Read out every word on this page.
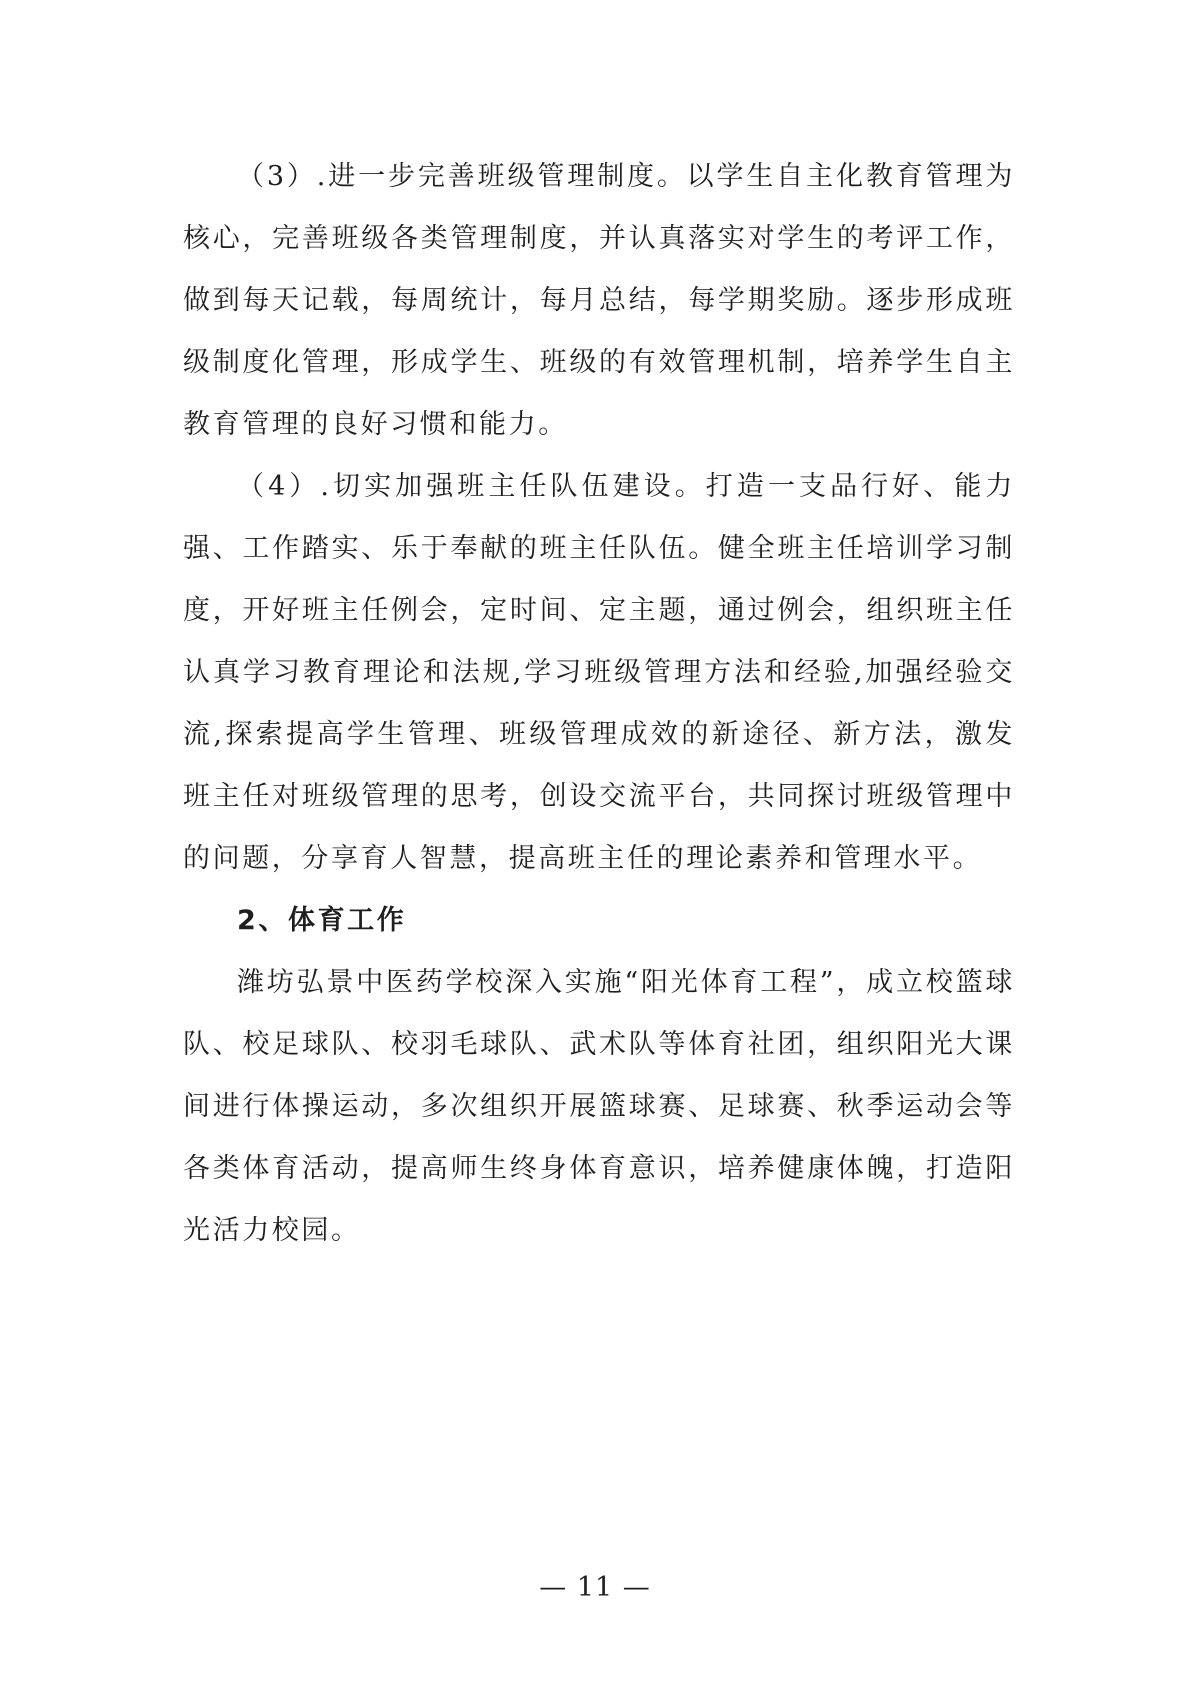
（3）.进一步完善班级管理制度。以学生自主化教育管理为核心，完善班级各类管理制度，并认真落实对学生的考评工作，做到每天记载，每周统计，每月总结，每学期奖励。逐步形成班级制度化管理，形成学生、班级的有效管理机制，培养学生自主教育管理的良好习惯和能力。

（4）.切实加强班主任队伍建设。打造一支品行好、能力强、工作踏实、乐于奉献的班主任队伍。健全班主任培训学习制度，开好班主任例会，定时间、定主题，通过例会，组织班主任认真学习教育理论和法规,学习班级管理方法和经验,加强经验交流,探索提高学生管理、班级管理成效的新途径、新方法，激发班主任对班级管理的思考，创设交流平台，共同探讨班级管理中的问题，分享育人智慧，提高班主任的理论素养和管理水平。

2、体育工作

潍坊弘景中医药学校深入实施“阳光体育工程”，成立校篮球队、校足球队、校羽毛球队、武术队等体育社团，组织阳光大课间进行体操运动，多次组织开展篮球赛、足球赛、秋季运动会等各类体育活动，提高师生终身体育意识，培养健康体魄，打造阳光活力校园。

— 11 —
